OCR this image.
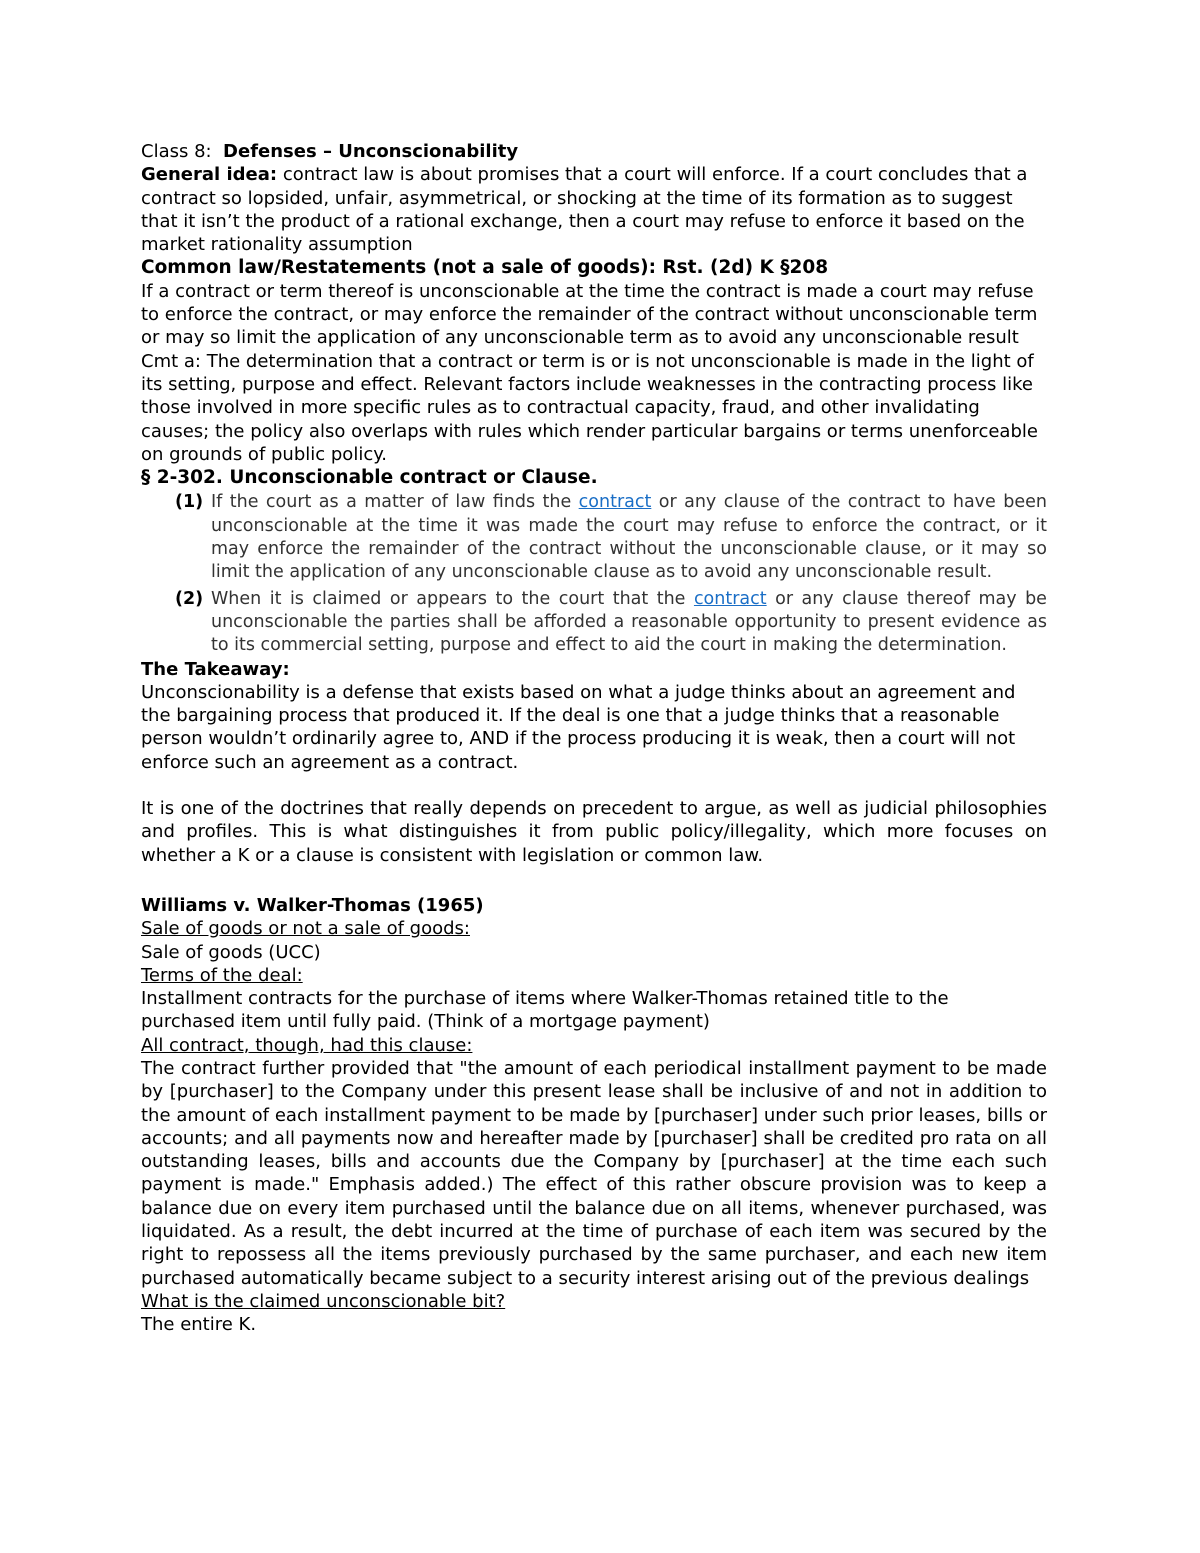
Class 8: Defenses – Unconscionability

General idea: contract law is about promises that a court will enforce. If a court concludes that a contract so lopsided, unfair, asymmetrical, or shocking at the time of its formation as to suggest that it isn’t the product of a rational exchange, then a court may refuse to enforce it based on the market rationality assumption

Common law/Restatements (not a sale of goods): Rst. (2d) K §208

If a contract or term thereof is unconscionable at the time the contract is made a court may refuse to enforce the contract, or may enforce the remainder of the contract without unconscionable term or may so limit the application of any unconscionable term as to avoid any unconscionable result

Cmt a: The determination that a contract or term is or is not unconscionable is made in the light of its setting, purpose and effect. Relevant factors include weaknesses in the contracting process like those involved in more specific rules as to contractual capacity, fraud, and other invalidating causes; the policy also overlaps with rules which render particular bargains or terms unenforceable on grounds of public policy.

§ 2-302. Unconscionable contract or Clause.

(1) If the court as a matter of law finds the contract or any clause of the contract to have been unconscionable at the time it was made the court may refuse to enforce the contract, or it may enforce the remainder of the contract without the unconscionable clause, or it may so limit the application of any unconscionable clause as to avoid any unconscionable result.
(2) When it is claimed or appears to the court that the contract or any clause thereof may be unconscionable the parties shall be afforded a reasonable opportunity to present evidence as to its commercial setting, purpose and effect to aid the court in making the determination.

The Takeaway:

Unconscionability is a defense that exists based on what a judge thinks about an agreement and the bargaining process that produced it. If the deal is one that a judge thinks that a reasonable person wouldn’t ordinarily agree to, AND if the process producing it is weak, then a court will not enforce such an agreement as a contract.

It is one of the doctrines that really depends on precedent to argue, as well as judicial philosophies and profiles. This is what distinguishes it from public policy/illegality, which more focuses on whether a K or a clause is consistent with legislation or common law.

Williams v. Walker-Thomas (1965)

Sale of goods or not a sale of goods:

Sale of goods (UCC)

Terms of the deal:

Installment contracts for the purchase of items where Walker-Thomas retained title to the purchased item until fully paid. (Think of a mortgage payment)

All contract, though, had this clause:

The contract further provided that "the amount of each periodical installment payment to be made by [purchaser] to the Company under this present lease shall be inclusive of and not in addition to the amount of each installment payment to be made by [purchaser] under such prior leases, bills or accounts; and all payments now and hereafter made by [purchaser] shall be credited pro rata on all outstanding leases, bills and accounts due the Company by [purchaser] at the time each such payment is made." Emphasis added.) The effect of this rather obscure provision was to keep a balance due on every item purchased until the balance due on all items, whenever purchased, was liquidated. As a result, the debt incurred at the time of purchase of each item was secured by the right to repossess all the items previously purchased by the same purchaser, and each new item purchased automatically became subject to a security interest arising out of the previous dealings

What is the claimed unconscionable bit?

The entire K.
